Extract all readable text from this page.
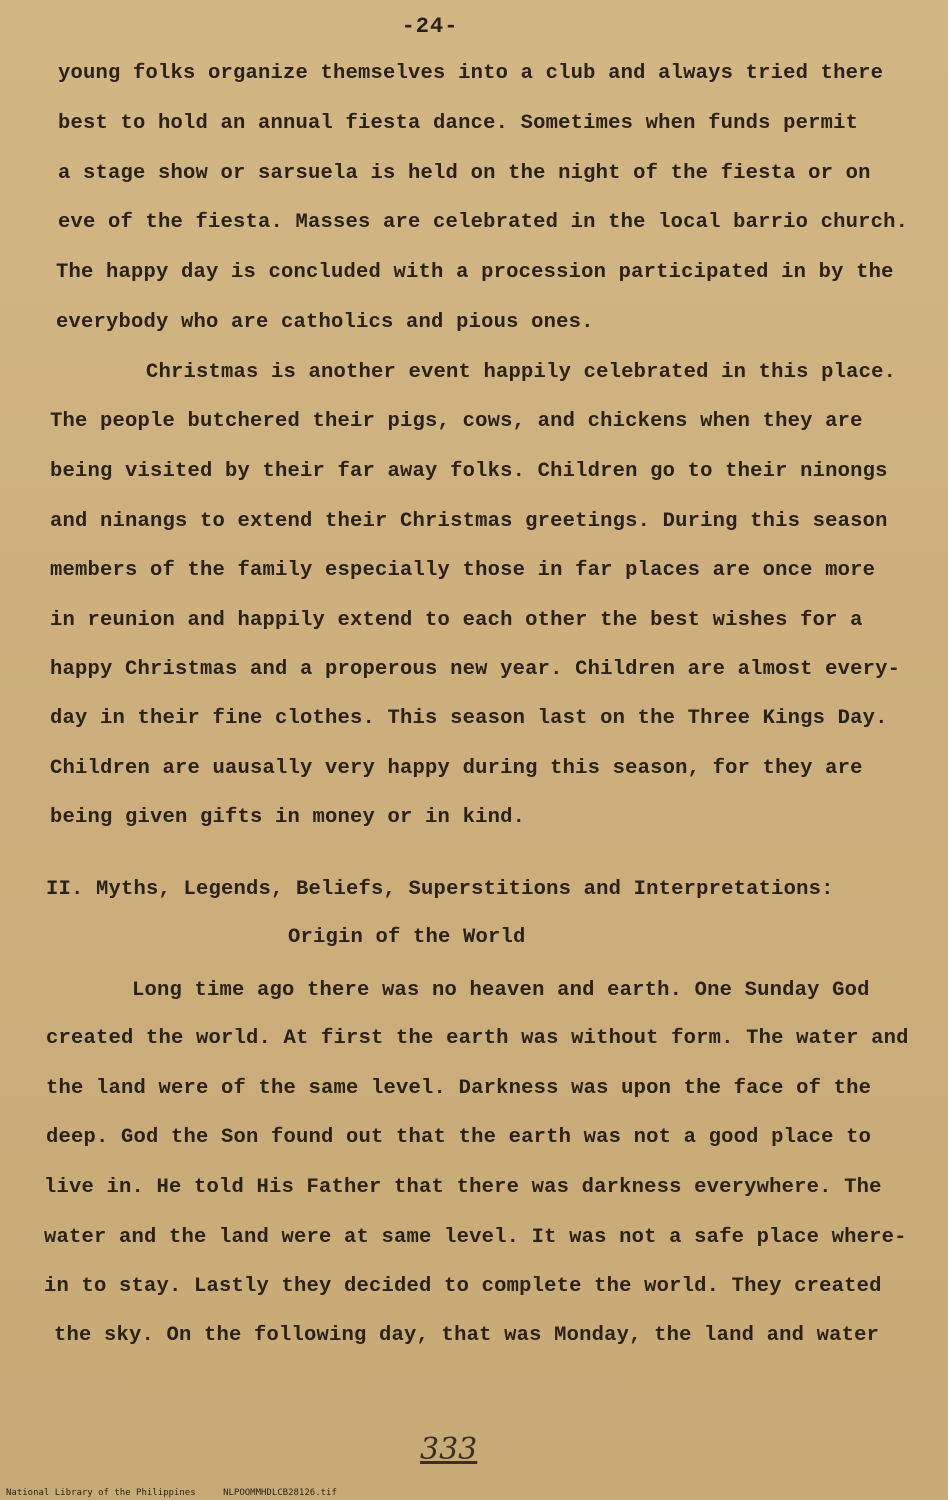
-24-
young folks organize themselves into a club and always tried there
best to hold an annual fiesta dance. Sometimes when funds permit
a stage show or sarsuela is held on the night of the fiesta or on
eve of the fiesta. Masses are celebrated in the local barrio church.
The happy day is concluded with a procession participated in by the
everybody who are catholics and pious ones.
Christmas is another event happily celebrated in this place.
The people butchered their pigs, cows, and chickens when they are
being visited by their far away folks. Children go to their ninongs
and ninangs to extend their Christmas greetings. During this season
members of the family especially those in far places are once more
in reunion and happily extend to each other the best wishes for a
happy Christmas and a properous new year. Children are almost every-
day in their fine clothes. This season last on the Three Kings Day.
Children are uausally very happy during this season, for they are
being given gifts in money or in kind.
II. Myths, Legends, Beliefs, Superstitions and Interpretations:
Origin of the World
Long time ago there was no heaven and earth. One Sunday God
created the world. At first the earth was without form. The water and
the land were of the same level. Darkness was upon the face of the
deep. God the Son found out that the earth was not a good place to
live in. He told His Father that there was darkness everywhere. The
water and the land were at same level. It was not a safe place where-
in to stay. Lastly they decided to complete the world. They created
the sky. On the following day, that was Monday, the land and water
333
National Library of the Philippines	NLPOOMMHDLCB28126.tif
